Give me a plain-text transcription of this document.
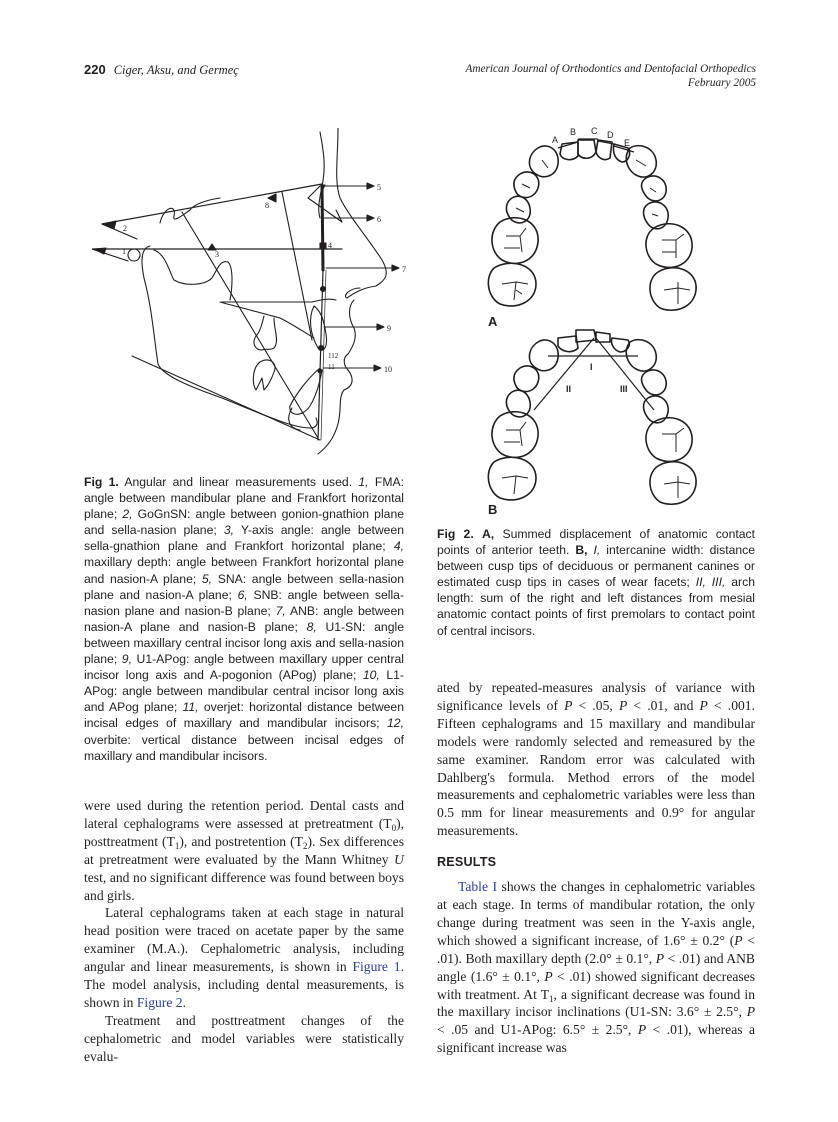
220 Ciger, Aksu, and Germeç	American Journal of Orthodontics and Dentofacial Orthopedics
February 2005
2
1	3
8
4
5
6
7
9
10
112
11
A
B C D
E
A
I
II	III
B
Fig 1. Angular and linear measurements used. 1, FMA: angle between mandibular plane and Frankfort horizontal plane; 2, GoGnSN: angle between gonion-gnathion plane and sella-nasion plane; 3, Y-axis angle: angle between sella-gnathion plane and Frankfort horizontal plane; 4, maxillary depth: angle between Frankfort horizontal plane and nasion-A plane; 5, SNA: angle between sella-nasion plane and nasion-A plane; 6, SNB: angle between sella-nasion plane and nasion-B plane; 7, ANB: angle between nasion-A plane and nasion-B plane; 8, U1-SN: angle between maxillary central incisor long axis and sella-nasion plane; 9, U1-APog: angle between maxillary upper central incisor long axis and A-pogonion (APog) plane; 10, L1-APog: angle between mandibular central incisor long axis and APog plane; 11, overjet: horizontal distance between incisal edges of maxillary and mandibular incisors; 12, overbite: vertical distance between incisal edges of maxillary and mandibular incisors.
Fig 2. A, Summed displacement of anatomic contact points of anterior teeth. B, I, intercanine width: distance between cusp tips of deciduous or permanent canines or estimated cusp tips in cases of wear facets; II, III, arch length: sum of the right and left distances from mesial anatomic contact points of first premolars to contact point of central incisors.

were used during the retention period. Dental casts and lateral cephalograms were assessed at pretreatment $(T_0)$, posttreatment $(T_1)$, and postretention $(T_2)$. Sex differences at pretreatment were evaluated by the Mann Whitney U test, and no significant difference was found between boys and girls.

Lateral cephalograms taken at each stage in natural head position were traced on acetate paper by the same examiner (M.A.). Cephalometric analysis, including angular and linear measurements, is shown in Figure 1. The model analysis, including dental measurements, is shown in Figure 2.

Treatment and posttreatment changes of the cephalometric and model variables were statistically evalu-

ated by repeated-measures analysis of variance with significance levels of P < .05, P < .01, and P < .001. Fifteen cephalograms and 15 maxillary and mandibular models were randomly selected and remeasured by the same examiner. Random error was calculated with Dahlberg's formula. Method errors of the model measurements and cephalometric variables were less than 0.5 mm for linear measurements and 0.9° for angular measurements.

RESULTS

Table I shows the changes in cephalometric variables at each stage. In terms of mandibular rotation, the only change during treatment was seen in the Y-axis angle, which showed a significant increase, of 1.6° ± 0.2° (P < .01). Both maxillary depth (2.0° ± 0.1°, P < .01) and ANB angle (1.6° ± 0.1°, P < .01) showed significant decreases with treatment. At $T_1$, a significant decrease was found in the maxillary incisor inclinations (U1-SN: 3.6° ± 2.5°, P < .05 and U1-APog: 6.5° ± 2.5°, P < .01), whereas a significant increase was
